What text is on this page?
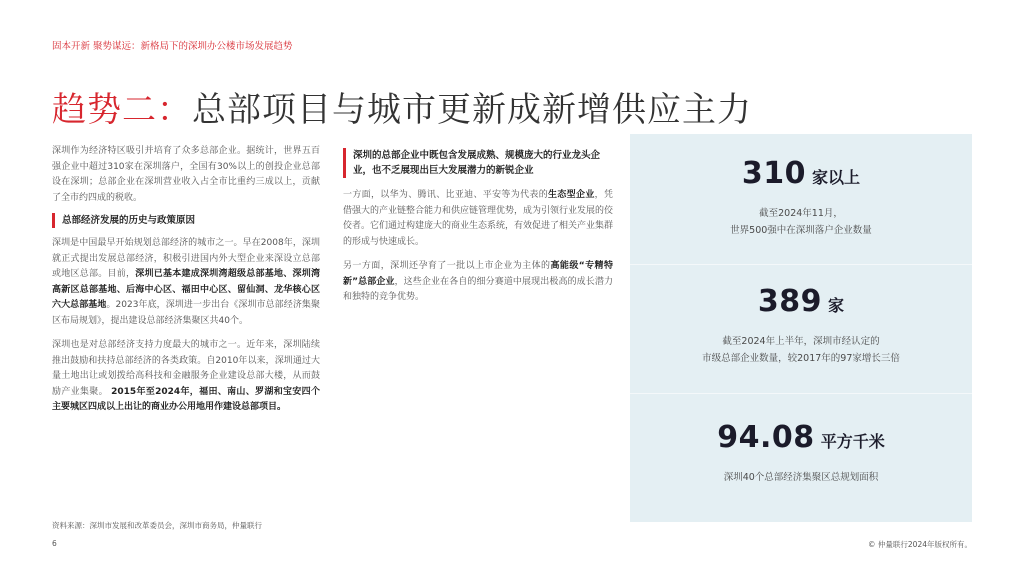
固本开新 聚势谋远：新格局下的深圳办公楼市场发展趋势
趋势二：总部项目与城市更新成新增供应主力
深圳作为经济特区吸引并培育了众多总部企业。据统计，世界五百强企业中超过310家在深圳落户，全国有30%以上的创投企业总部设在深圳；总部企业在深圳营业收入占全市比重约三成以上，贡献了全市约四成的税收。
总部经济发展的历史与政策原因
深圳是中国最早开始规划总部经济的城市之一。早在2008年，深圳就正式提出发展总部经济，积极引进国内外大型企业来深设立总部或地区总部。目前，深圳已基本建成深圳湾超级总部基地、深圳湾高新区总部基地、后海中心区、福田中心区、留仙洞、龙华核心区六大总部基地。2023年底，深圳进一步出台《深圳市总部经济集聚区布局规划》，提出建设总部经济集聚区共40个。
深圳也是对总部经济支持力度最大的城市之一。近年来，深圳陆续推出鼓励和扶持总部经济的各类政策。自2010年以来，深圳通过大量土地出让或划拨给高科技和金融服务企业建设总部大楼，从而鼓励产业集聚。 2015年至2024年，福田、南山、罗湖和宝安四个主要城区四成以上出让的商业办公用地用作建设总部项目。
深圳的总部企业中既包含发展成熟、规模庞大的行业龙头企业，也不乏展现出巨大发展潜力的新锐企业
一方面，以华为、腾讯、比亚迪、平安等为代表的生态型企业，凭借强大的产业链整合能力和供应链管理优势，成为引领行业发展的佼佼者。它们通过构建庞大的商业生态系统，有效促进了相关产业集群的形成与快速成长。
另一方面，深圳还孕育了一批以上市企业为主体的高能级“专精特新”总部企业，这些企业在各自的细分赛道中展现出极高的成长潜力和独特的竞争优势。
310 家以上
截至2024年11月，
世界500强中在深圳落户企业数量
389 家
截至2024年上半年，深圳市经认定的
市级总部企业数量，较2017年的97家增长三倍
94.08 平方千米
深圳40个总部经济集聚区总规划面积
资料来源：深圳市发展和改革委员会，深圳市商务局，仲量联行
6	© 仲量联行2024年版权所有。
